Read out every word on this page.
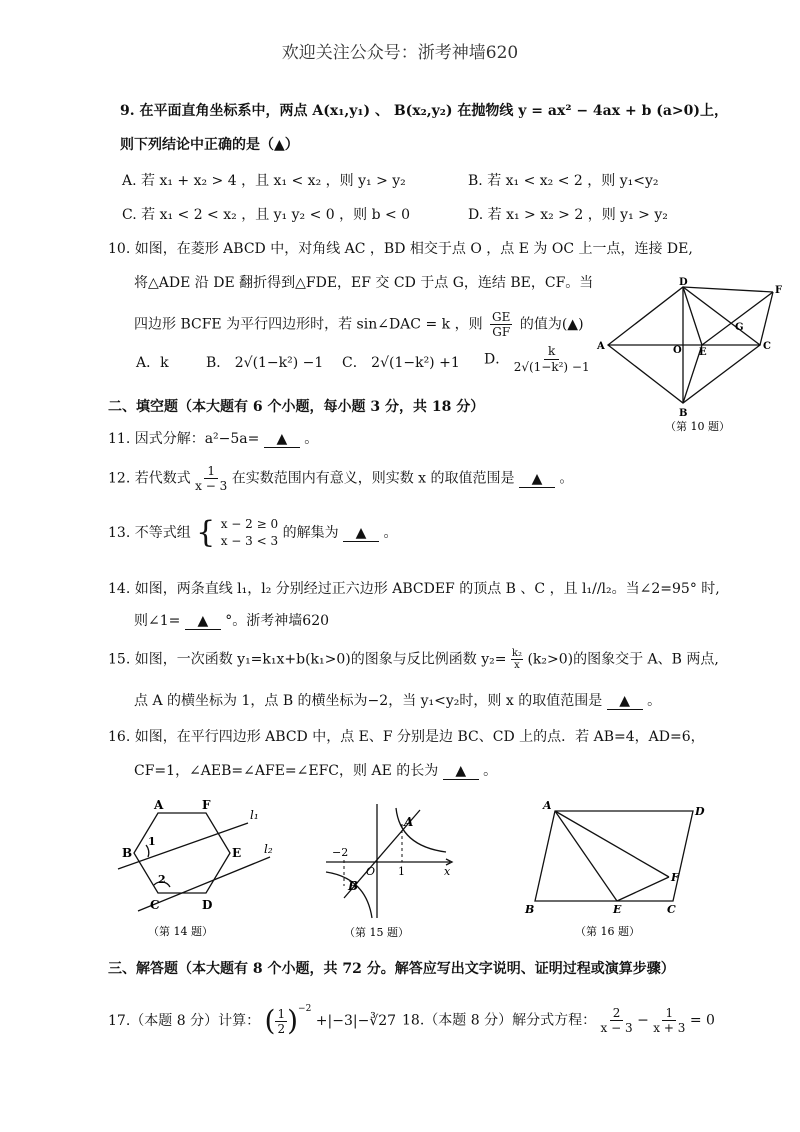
欢迎关注公众号：浙考神墙620
9. 在平面直角坐标系中，两点 A(x₁,y₁) 、 B(x₂,y₂) 在抛物线 y = ax² − 4ax + b (a>0)上，
则下列结论中正确的是（▲）
A. 若 x₁ + x₂ > 4 ，且 x₁ < x₂ ，则 y₁ > y₂	B. 若 x₁ < x₂ < 2 ，则 y₁<y₂
C. 若 x₁ < 2 < x₂ ，且 y₁ y₂ < 0 ，则 b < 0	D. 若 x₁ > x₂ > 2 ，则 y₁ > y₂
10. 如图，在菱形 ABCD 中，对角线 AC ，BD 相交于点 O ，点 E 为 OC 上一点，连接 DE,
将△ADE 沿 DE 翻折得到△FDE，EF 交 CD 于点 G，连结 BE，CF。当
四边形 BCFE 为平行四边形时，若 sin∠DAC = k ，则 $\frac{GE}{GF}$ 的值为(▲)
A．k	B． 2√(1−k²) −1 C． 2√(1−k²) +1 D． $\frac{k}{\text{2√(1−k²) −1}}$
D
F
G
A	O E
C
B
（第 10 题）
二、填空题（本大题有 6 个小题，每小题 3 分，共 18 分）
11. 因式分解：a²−5a= ▲ 。
12. 若代数式 $\frac{1}{x - 3}$ 在实数范围内有意义，则实数 x 的取值范围是 ▲ 。
13. 不等式组 { x − 2 ≥ 0
x − 3 < 3 的解集为 ▲ 。
14. 如图，两条直线 l₁，l₂ 分别经过正六边形 ABCDEF 的顶点 B 、C ，且 l₁//l₂。当∠2=95° 时,
则∠1= ▲ °。浙考神墙620
15. 如图，一次函数 y₁=k₁x+b(k₁>0)的图象与反比例函数 $y_2= \frac{\text{k₂}}{x} (k_2>0)$的图象交于 A、B 两点,
点 A 的横坐标为 1，点 B 的横坐标为−2，当 y₁<y₂时，则 x 的取值范围是 ▲ 。
16. 如图，在平行四边形 ABCD 中，点 E、F 分别是边 BC、CD 上的点．若 AB=4，AD=6，
CF=1，∠AEB=∠AFE=∠EFC，则 AE 的长为 ▲ 。
A	F
l₁
B
1
E l₂
2
C	D
（第 14 题）
A
−2
O 1	x
B
（第 15 题）
A	D
F
B	E	C
（第 16 题）
三、解答题（本大题有 8 个小题，共 72 分。解答应写出文字说明、证明过程或演算步骤）
17.（本题 8 分）计算： ( $\frac{1}{2} )^{-2}$ +|−3|−∛27 18.（本题 8 分）解分式方程： $\frac{2}{x - 3} - \frac{1}{x + 3} = 0$
